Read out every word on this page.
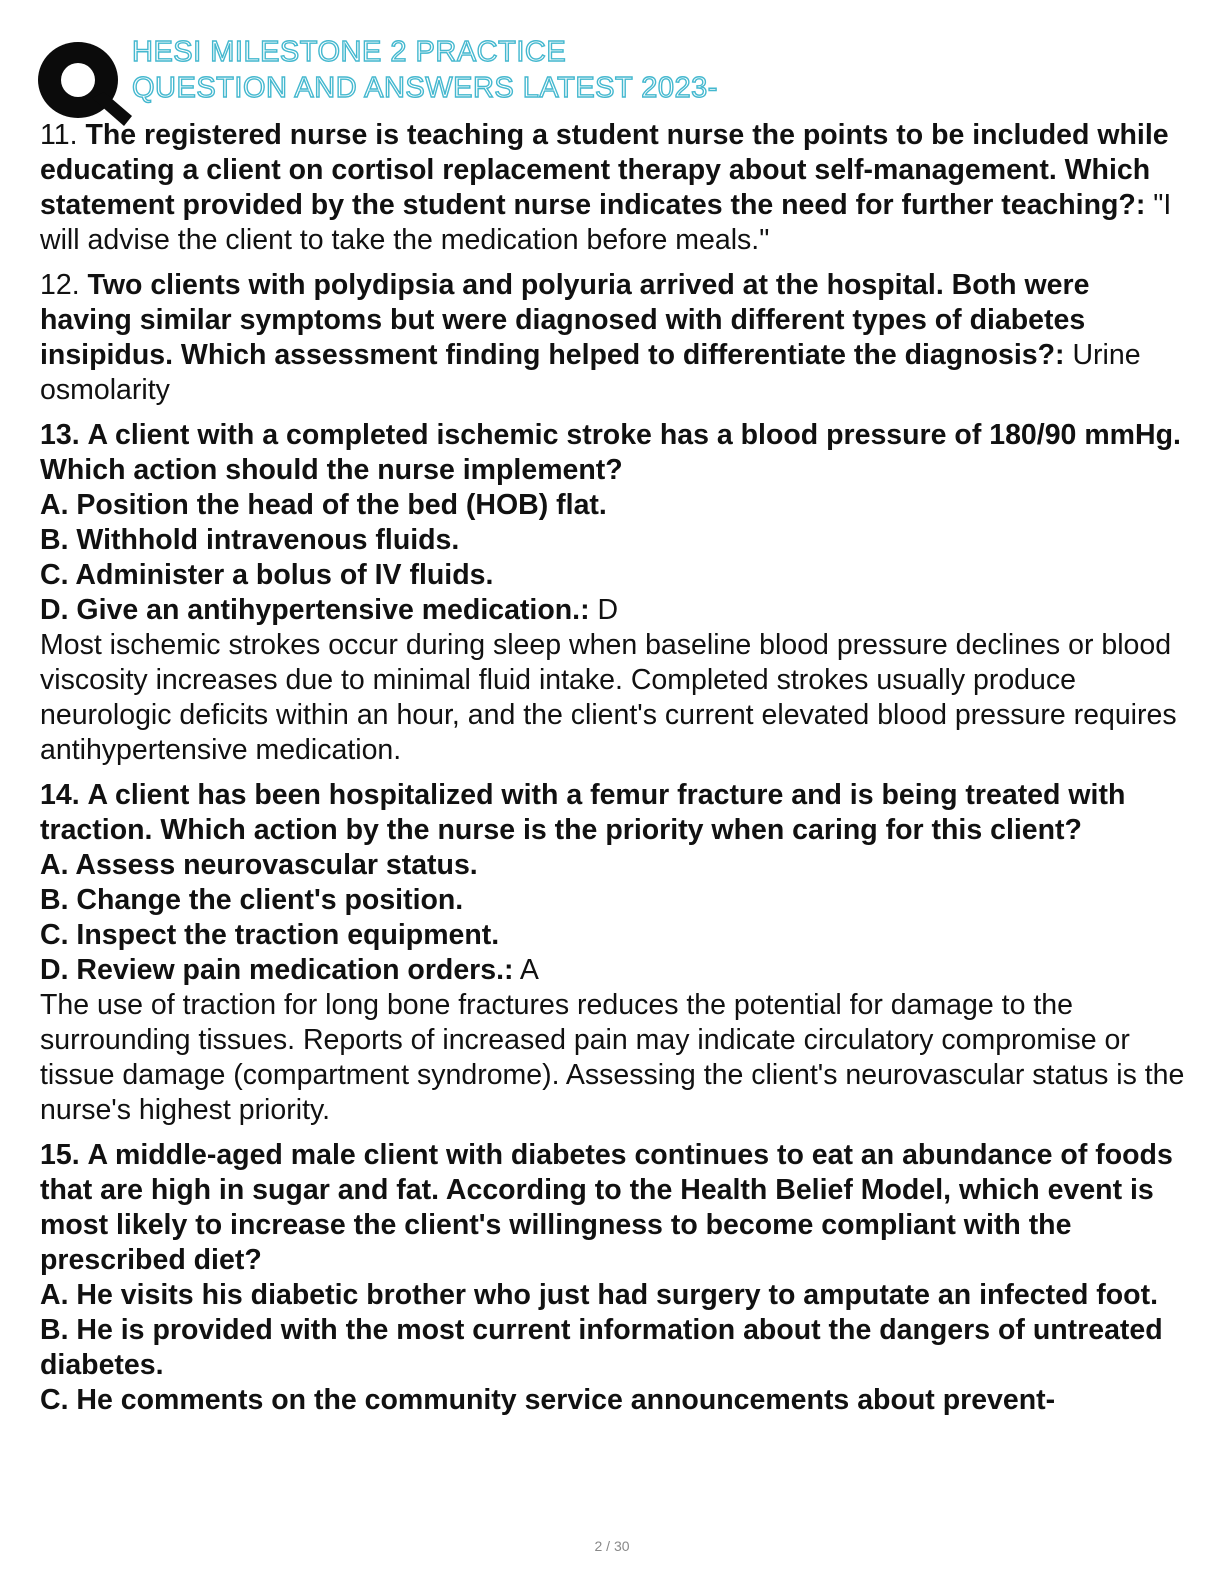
HESI MILESTONE 2 PRACTICE
QUESTION AND ANSWERS LATEST 2023-
11. The registered nurse is teaching a student nurse the points to be included while educating a client on cortisol replacement therapy about self-management. Which statement provided by the student nurse indicates the need for further teaching?: "I will advise the client to take the medication before meals."
12. Two clients with polydipsia and polyuria arrived at the hospital. Both were having similar symptoms but were diagnosed with different types of diabetes insipidus. Which assessment finding helped to differentiate the diagnosis?: Urine osmolarity
13. A client with a completed ischemic stroke has a blood pressure of 180/90 mmHg. Which action should the nurse implement?
A. Position the head of the bed (HOB) flat.
B. Withhold intravenous fluids.
C. Administer a bolus of IV fluids.
D. Give an antihypertensive medication.: D
Most ischemic strokes occur during sleep when baseline blood pressure declines or blood viscosity increases due to minimal fluid intake. Completed strokes usually produce neurologic deficits within an hour, and the client's current elevated blood pressure requires antihypertensive medication.
14. A client has been hospitalized with a femur fracture and is being treated with traction. Which action by the nurse is the priority when caring for this client?
A. Assess neurovascular status.
B. Change the client's position.
C. Inspect the traction equipment.
D. Review pain medication orders.: A
The use of traction for long bone fractures reduces the potential for damage to the surrounding tissues. Reports of increased pain may indicate circulatory compromise or tissue damage (compartment syndrome). Assessing the client's neurovascular status is the nurse's highest priority.
15. A middle-aged male client with diabetes continues to eat an abundance of foods that are high in sugar and fat. According to the Health Belief Model, which event is most likely to increase the client's willingness to become compliant with the prescribed diet?
A. He visits his diabetic brother who just had surgery to amputate an infected foot.
B. He is provided with the most current information about the dangers of untreated diabetes.
C. He comments on the community service announcements about prevent-
2 / 30
